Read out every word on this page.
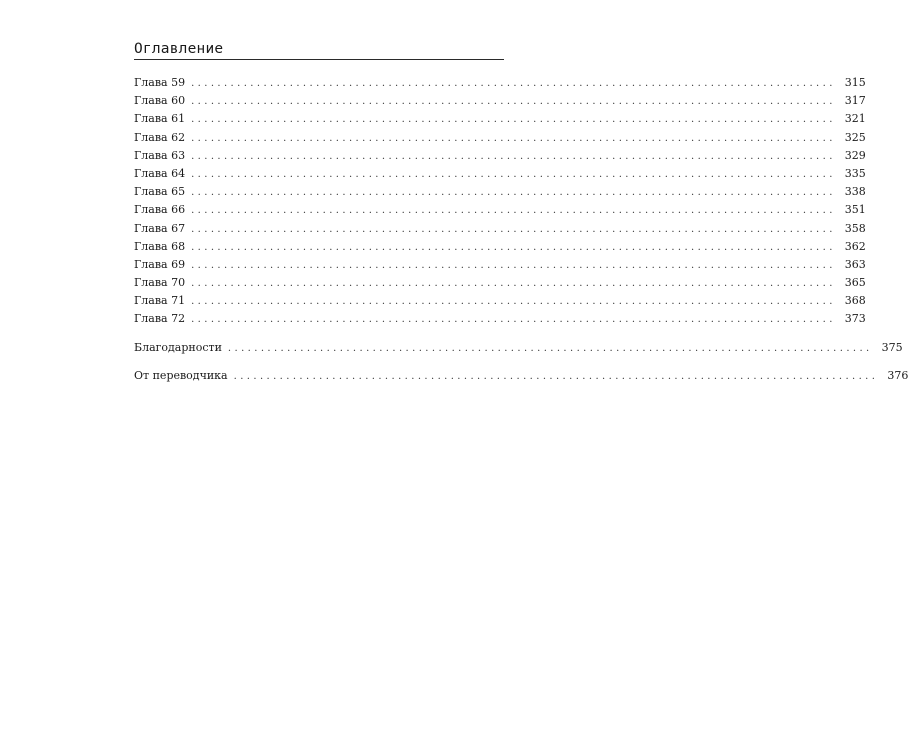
Оглавление
Глава 59 .................................................................................................. 315
Глава 60 .................................................................................................. 317
Глава 61 .................................................................................................. 321
Глава 62 .................................................................................................. 325
Глава 63 .................................................................................................. 329
Глава 64 .................................................................................................. 335
Глава 65 .................................................................................................. 338
Глава 66 .................................................................................................. 351
Глава 67 .................................................................................................. 358
Глава 68 .................................................................................................. 362
Глава 69 .................................................................................................. 363
Глава 70 .................................................................................................. 365
Глава 71 .................................................................................................. 368
Глава 72 .................................................................................................. 373
Благодарности .................................................................................................. 375
От переводчика .................................................................................................. 376
